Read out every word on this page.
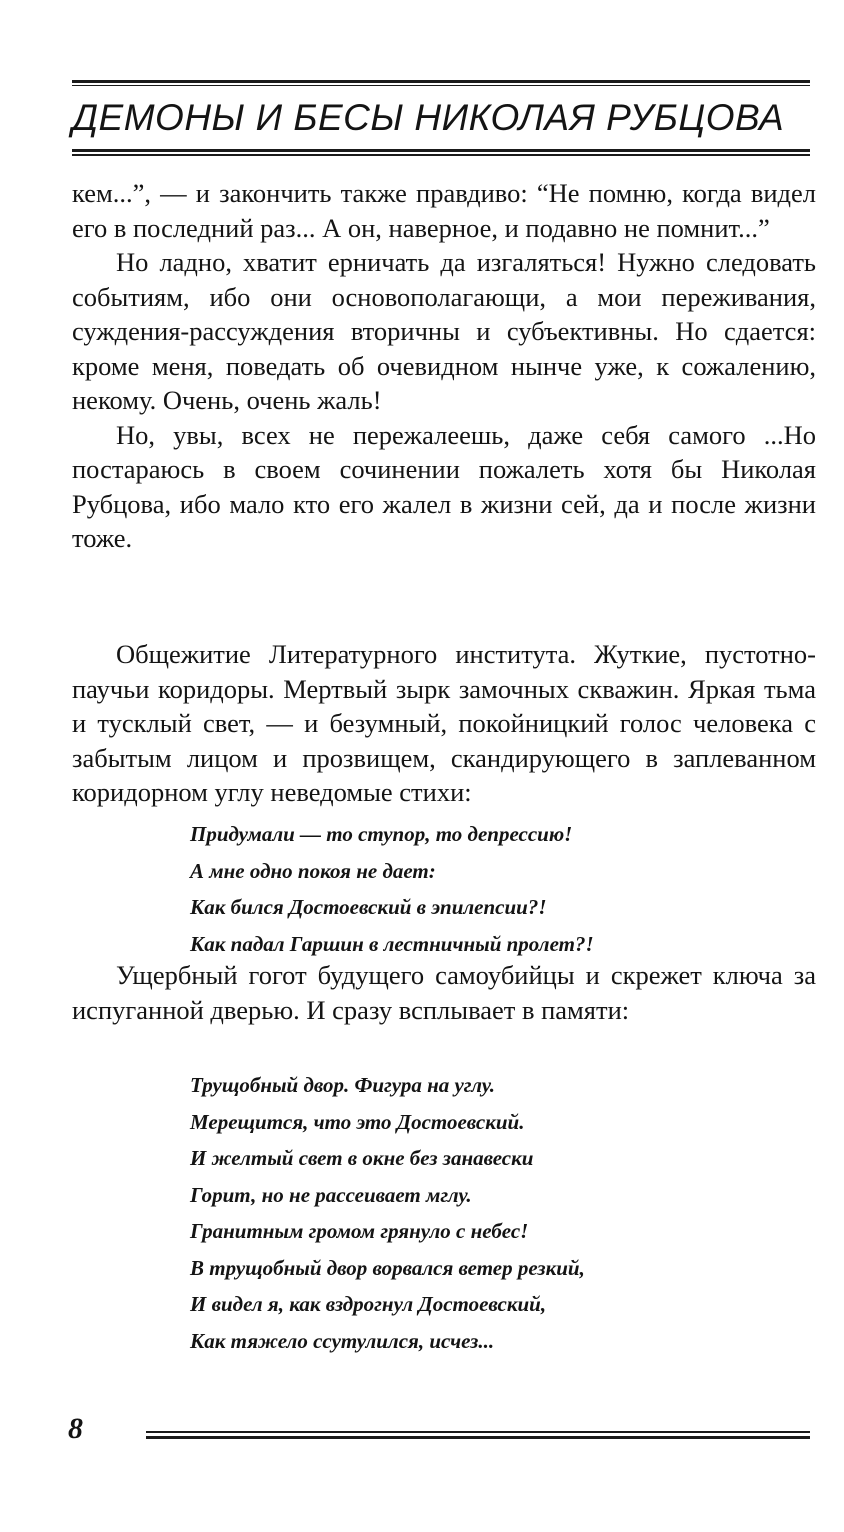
ДЕМОНЫ И БЕСЫ НИКОЛАЯ РУБЦОВА

кем...”, — и закончить также правдиво: “Не помню, когда видел его в последний раз... А он, наверное, и подавно не помнит...”

Но ладно, хватит ерничать да изгаляться! Нужно следовать событиям, ибо они основополагающи, а мои переживания, суждения-рассуждения вторичны и субъективны. Но сдается: кроме меня, поведать об очевидном нынче уже, к сожалению, некому. Очень, очень жаль!

Но, увы, всех не пережалеешь, даже себя самого ...Но постараюсь в своем сочинении пожалеть хотя бы Николая Рубцова, ибо мало кто его жалел в жизни сей, да и после жизни тоже.

Общежитие Литературного института. Жуткие, пустотно-паучьи коридоры. Мертвый зырк замочных скважин. Яркая тьма и тусклый свет, — и безумный, покойницкий голос человека с забытым лицом и прозвищем, скандирующего в заплеванном коридорном углу неведомые стихи:

Придумали — то ступор, то депрессию!
А мне одно покоя не дает:
Как бился Достоевский в эпилепсии?!
Как падал Гаршин в лестничный пролет?!

Ущербный гогот будущего самоубийцы и скрежет ключа за испуганной дверью. И сразу всплывает в памяти:

Трущобный двор. Фигура на углу.
Мерещится, что это Достоевский.
И желтый свет в окне без занавески
Горит, но не рассеивает мглу.
Гранитным громом грянуло с небес!
В трущобный двор ворвался ветер резкий,
И видел я, как вздрогнул Достоевский,
Как тяжело ссутулился, исчез...
8
